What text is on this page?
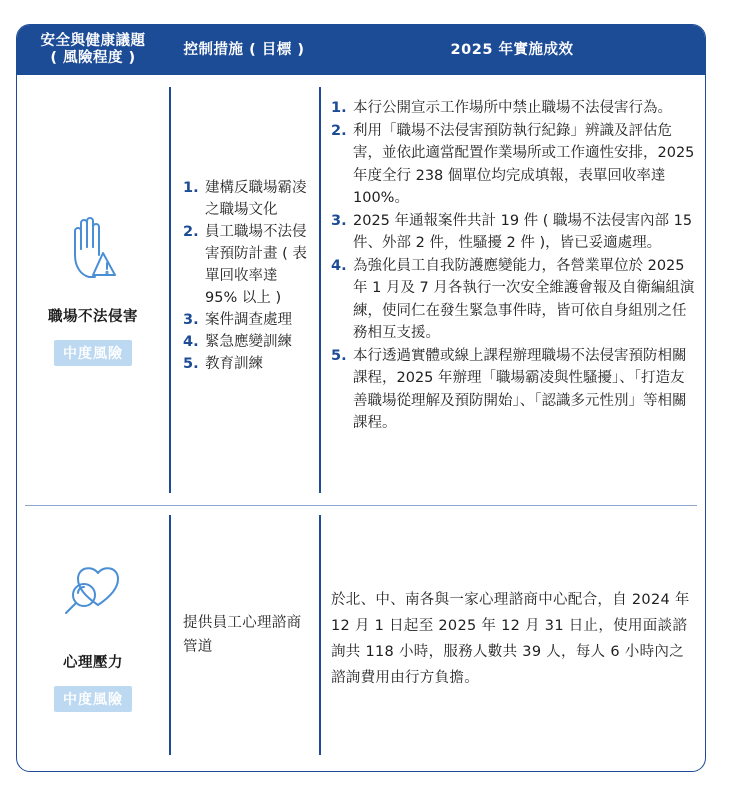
安全與健康議題
( 風險程度 )
控制措施 ( 目標 )	2025 年實施成效
職場不法侵害
中度風險
1. 建構反職場霸凌之職場文化
2. 員工職場不法侵害預防計畫 ( 表單回收率達 95% 以上 )
3. 案件調查處理
4. 緊急應變訓練
5. 教育訓練
1. 本行公開宣示工作場所中禁止職場不法侵害行為。
2. 利用「職場不法侵害預防執行紀錄」辨識及評估危害，並依此適當配置作業場所或工作適性安排，2025 年度全行 238 個單位均完成填報，表單回收率達 100%。
3. 2025 年通報案件共計 19 件 ( 職場不法侵害內部 15 件、外部 2 件，性騷擾 2 件 )，皆已妥適處理。
4. 為強化員工自我防護應變能力，各營業單位於 2025 年 1 月及 7 月各執行一次安全維護會報及自衛編組演練，使同仁在發生緊急事件時，皆可依自身組別之任務相互支援。
5. 本行透過實體或線上課程辦理職場不法侵害預防相關課程，2025 年辦理「職場霸凌與性騷擾」、「打造友善職場從理解及預防開始」、「認識多元性別」等相關課程。
心理壓力
中度風險
提供員工心理諮商管道
於北、中、南各與一家心理諮商中心配合，自 2024 年 12 月 1 日起至 2025 年 12 月 31 日止，使用面談諮詢共 118 小時，服務人數共 39 人，每人 6 小時內之諮詢費用由行方負擔。
